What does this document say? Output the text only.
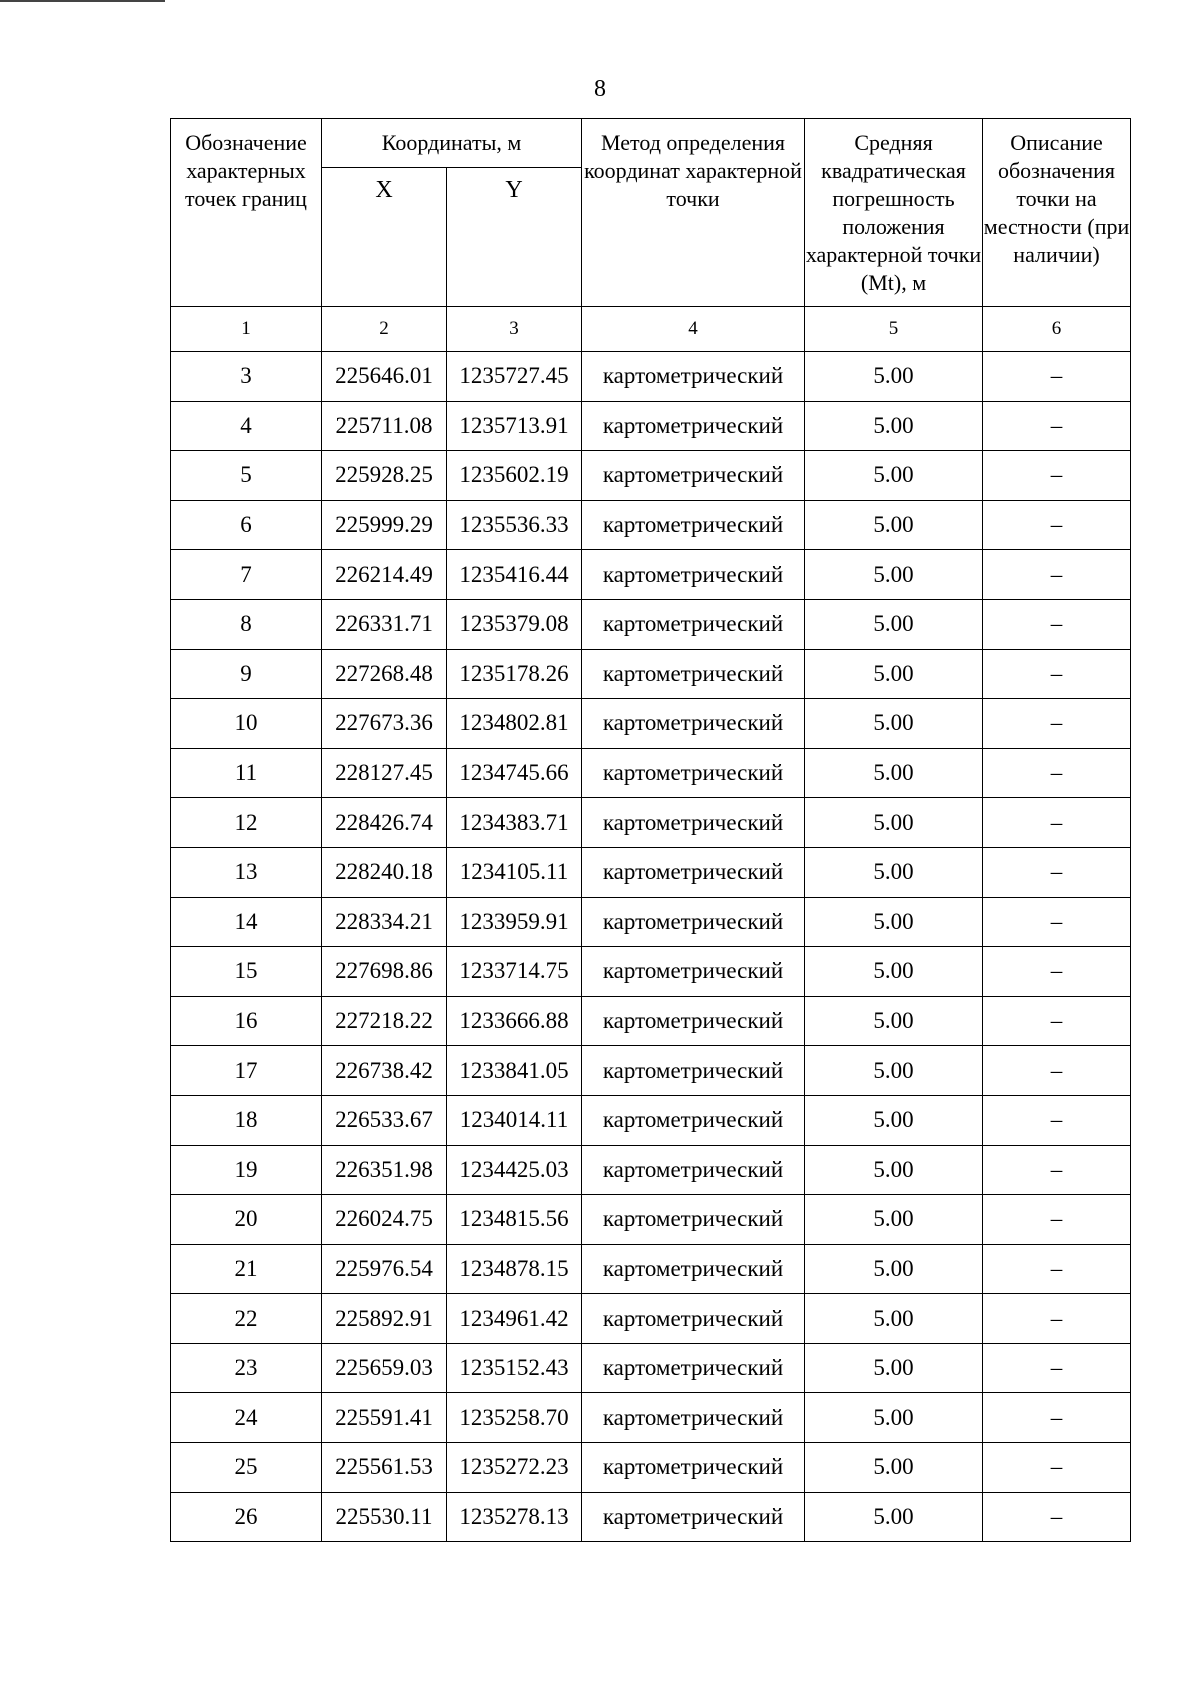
8
Обозначение характерных точек границ	Координаты, м		Метод определения координат характерной точки	Средняя квадратическая погрешность положения характерной точки (Mt), м	Описание обозначения точки на местности (при наличии)
	X	Y			
1	2	3	4	5	6
3	225646.01	1235727.45	картометрический	5.00	–
4	225711.08	1235713.91	картометрический	5.00	–
5	225928.25	1235602.19	картометрический	5.00	–
6	225999.29	1235536.33	картометрический	5.00	–
7	226214.49	1235416.44	картометрический	5.00	–
8	226331.71	1235379.08	картометрический	5.00	–
9	227268.48	1235178.26	картометрический	5.00	–
10	227673.36	1234802.81	картометрический	5.00	–
11	228127.45	1234745.66	картометрический	5.00	–
12	228426.74	1234383.71	картометрический	5.00	–
13	228240.18	1234105.11	картометрический	5.00	–
14	228334.21	1233959.91	картометрический	5.00	–
15	227698.86	1233714.75	картометрический	5.00	–
16	227218.22	1233666.88	картометрический	5.00	–
17	226738.42	1233841.05	картометрический	5.00	–
18	226533.67	1234014.11	картометрический	5.00	–
19	226351.98	1234425.03	картометрический	5.00	–
20	226024.75	1234815.56	картометрический	5.00	–
21	225976.54	1234878.15	картометрический	5.00	–
22	225892.91	1234961.42	картометрический	5.00	–
23	225659.03	1235152.43	картометрический	5.00	–
24	225591.41	1235258.70	картометрический	5.00	–
25	225561.53	1235272.23	картометрический	5.00	–
26	225530.11	1235278.13	картометрический	5.00	–
